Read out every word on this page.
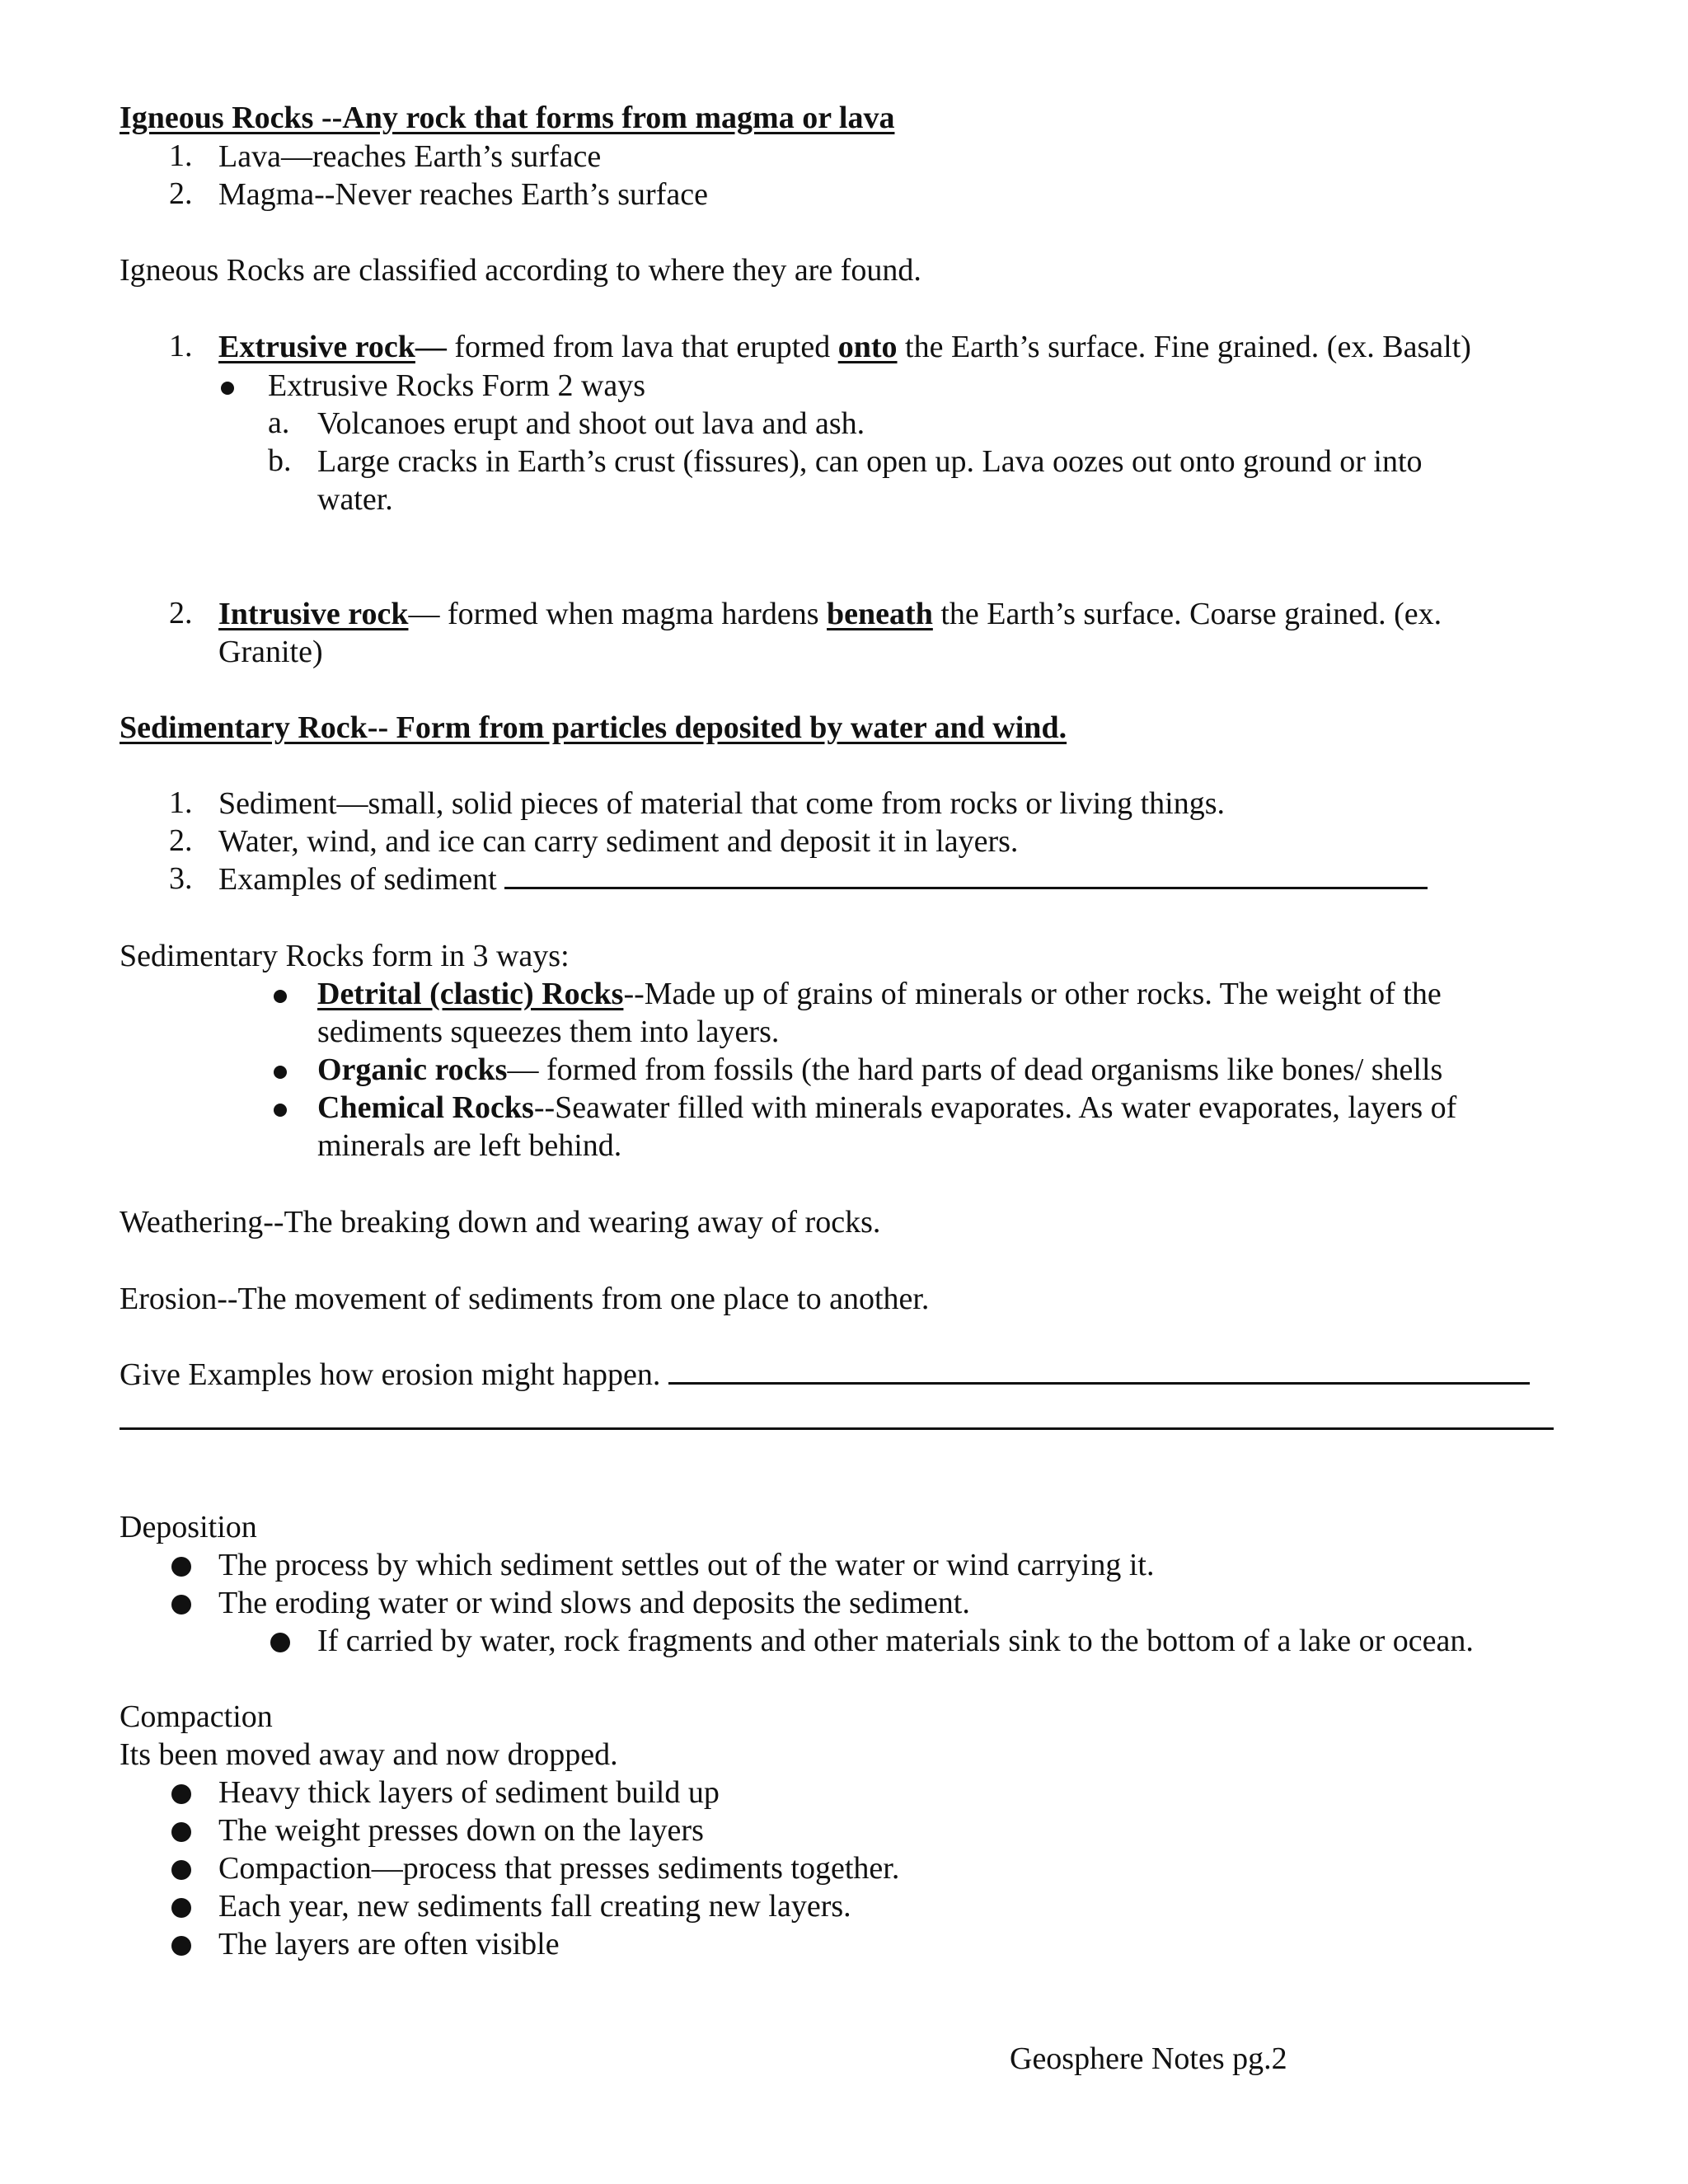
Igneous Rocks --Any rock that forms from magma or lava
1. Lava—reaches Earth’s surface
2. Magma--Never reaches Earth’s surface
Igneous Rocks are classified according to where they are found.
1. Extrusive rock— formed from lava that erupted onto the Earth’s surface. Fine grained. (ex. Basalt)
Extrusive Rocks Form 2 ways
a. Volcanoes erupt and shoot out lava and ash.
b. Large cracks in Earth’s crust (fissures), can open up. Lava oozes out onto ground or into
water.
2. Intrusive rock— formed when magma hardens beneath the Earth’s surface. Coarse grained. (ex.
Granite)
Sedimentary Rock-- Form from particles deposited by water and wind.
1. Sediment—small, solid pieces of material that come from rocks or living things.
2. Water, wind, and ice can carry sediment and deposit it in layers.
3. Examples of sediment
Sedimentary Rocks form in 3 ways:
Detrital (clastic) Rocks--Made up of grains of minerals or other rocks. The weight of the
sediments squeezes them into layers.
Organic rocks— formed from fossils (the hard parts of dead organisms like bones/ shells
Chemical Rocks--Seawater filled with minerals evaporates. As water evaporates, layers of
minerals are left behind.
Weathering--The breaking down and wearing away of rocks.
Erosion--The movement of sediments from one place to another.
Give Examples how erosion might happen.
Deposition
The process by which sediment settles out of the water or wind carrying it.
The eroding water or wind slows and deposits the sediment.
If carried by water, rock fragments and other materials sink to the bottom of a lake or ocean.
Compaction
Its been moved away and now dropped.
Heavy thick layers of sediment build up
The weight presses down on the layers
Compaction—process that presses sediments together.
Each year, new sediments fall creating new layers.
The layers are often visible
Geosphere Notes pg.2
